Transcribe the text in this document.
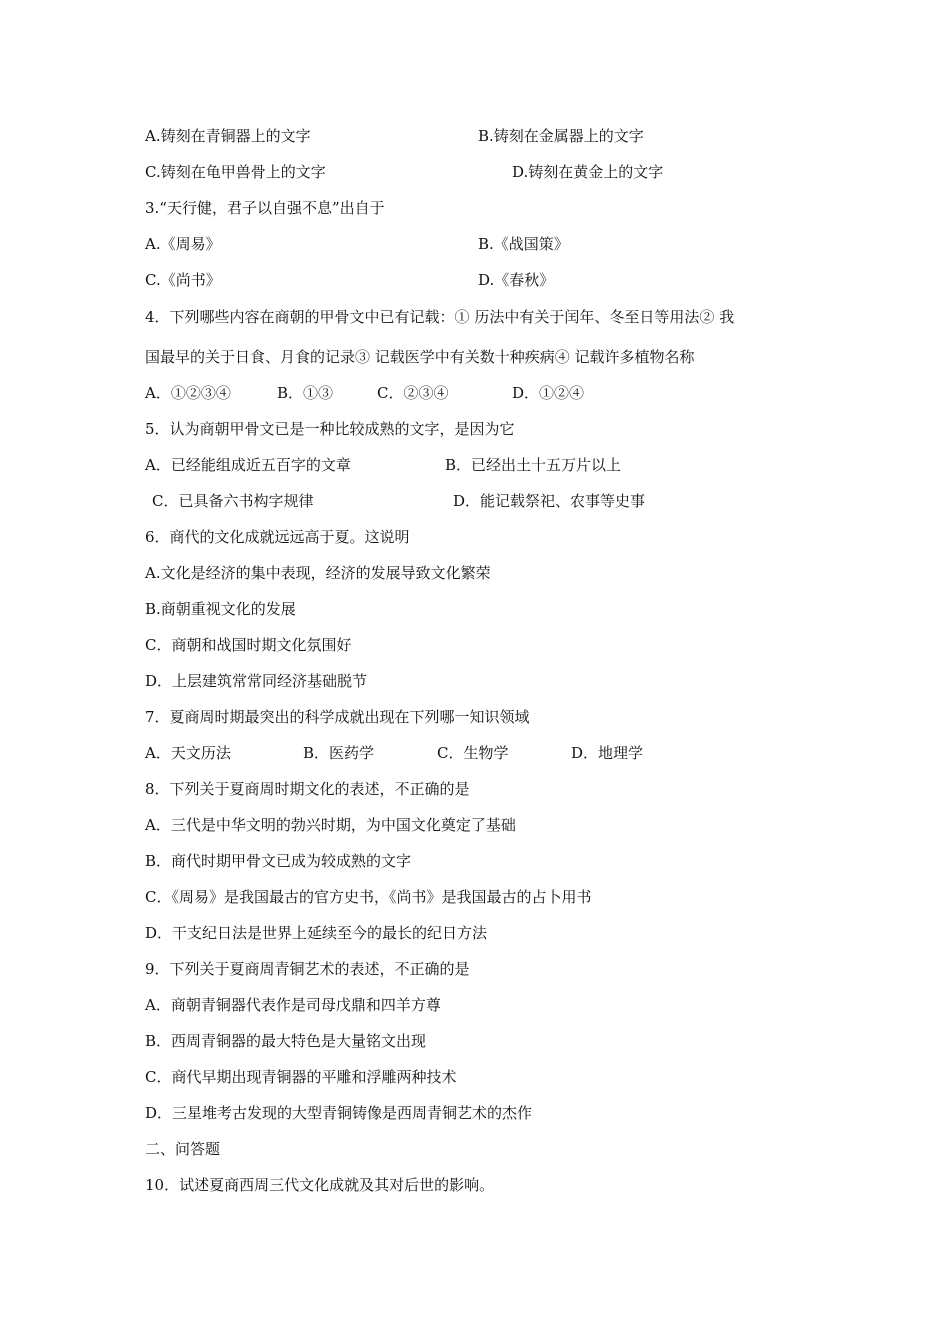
A.铸刻在青铜器上的文字	B.铸刻在金属器上的文字
C.铸刻在龟甲兽骨上的文字	D.铸刻在黄金上的文字
3.“天行健，君子以自强不息”出自于
A.《周易》	B.《战国策》
C.《尚书》	D.《春秋》
4．下列哪些内容在商朝的甲骨文中已有记载：① 历法中有关于闰年、冬至日等用法② 我
国最早的关于日食、月食的记录③ 记载医学中有关数十种疾病④ 记载许多植物名称
A．①②③④	B．①③	C．②③④	D．①②④
5．认为商朝甲骨文已是一种比较成熟的文字，是因为它
A．已经能组成近五百字的文章	B．已经出土十五万片以上
C．已具备六书构字规律	D．能记载祭祀、农事等史事
6．商代的文化成就远远高于夏。这说明
A.文化是经济的集中表现，经济的发展导致文化繁荣
B.商朝重视文化的发展
C．商朝和战国时期文化氛围好
D．上层建筑常常同经济基础脱节
7．夏商周时期最突出的科学成就出现在下列哪一知识领域
A．天文历法	B．医药学	C．生物学	D．地理学
8．下列关于夏商周时期文化的表述，不正确的是
A．三代是中华文明的勃兴时期，为中国文化奠定了基础
B．商代时期甲骨文已成为较成熟的文字
C．《周易》是我国最古的官方史书，《尚书》是我国最古的占卜用书
D．干支纪日法是世界上延续至今的最长的纪日方法
9．下列关于夏商周青铜艺术的表述，不正确的是
A．商朝青铜器代表作是司母戊鼎和四羊方尊
B．西周青铜器的最大特色是大量铭文出现
C．商代早期出现青铜器的平雕和浮雕两种技术
D．三星堆考古发现的大型青铜铸像是西周青铜艺术的杰作
二、问答题
10．试述夏商西周三代文化成就及其对后世的影响。
